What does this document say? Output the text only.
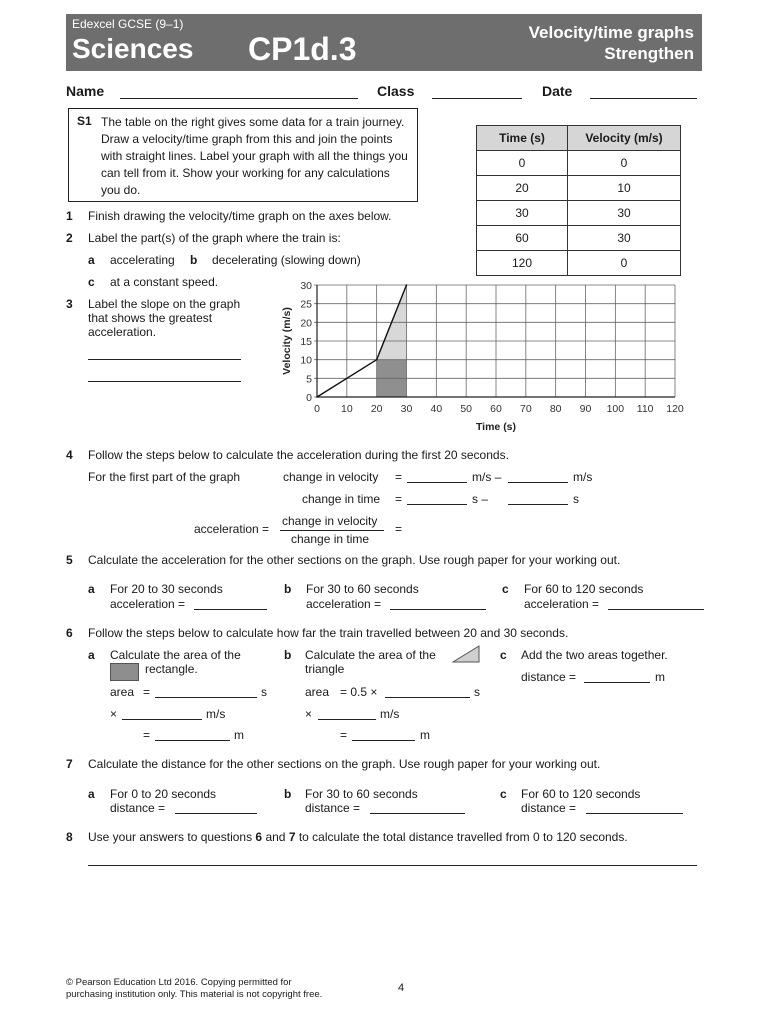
Edexcel GCSE (9–1)
Sciences CP1d.3	Velocity/time graphs
Strengthen
Name	Class	Date
S1 The table on the right gives some data for a train journey.
Draw a velocity/time graph from this and join the points
with straight lines. Label your graph with all the things you
can tell from it. Show your working for any calculations
you do.
Time (s)	Velocity (m/s)
0	0
20	10
30	30
60	30
120	0
1 Finish drawing the velocity/time graph on the axes below.
2 Label the part(s) of the graph where the train is:
a accelerating b decelerating (slowing down)
c at a constant speed.
3 Label the slope on the graph
that shows the greatest
acceleration.
0 10 20 30 40 50 60 70 80 90 100 110 120
0
5
10
15
20
25
30
Time (s)
Velocity (m/s)
4 Follow the steps below to calculate the acceleration during the first 20 seconds.
For the first part of the graph	change in velocity =	m/s –	m/s
change in time =	s –	s
acceleration =
change in velocity
change in time
=
5 Calculate the acceleration for the other sections on the graph. Use rough paper for your working out.
a For 20 to 30 seconds
acceleration =
b For 30 to 60 seconds
acceleration =
c For 60 to 120 seconds
acceleration =
6 Follow the steps below to calculate how far the train travelled between 20 and 30 seconds.
a Calculate the area of the
rectangle.
area =	s
×	m/s
=	m
b Calculate the area of the
triangle
area = 0.5 ×	s
×	m/s
=	m
c Add the two areas together.
distance =	m
7 Calculate the distance for the other sections on the graph. Use rough paper for your working out.
a For 0 to 20 seconds
distance =
b For 30 to 60 seconds
distance =
c For 60 to 120 seconds
distance =
8 Use your answers to questions 6 and 7 to calculate the total distance travelled from 0 to 120 seconds.
© Pearson Education Ltd 2016. Copying permitted for
purchasing institution only. This material is not copyright free.
4
